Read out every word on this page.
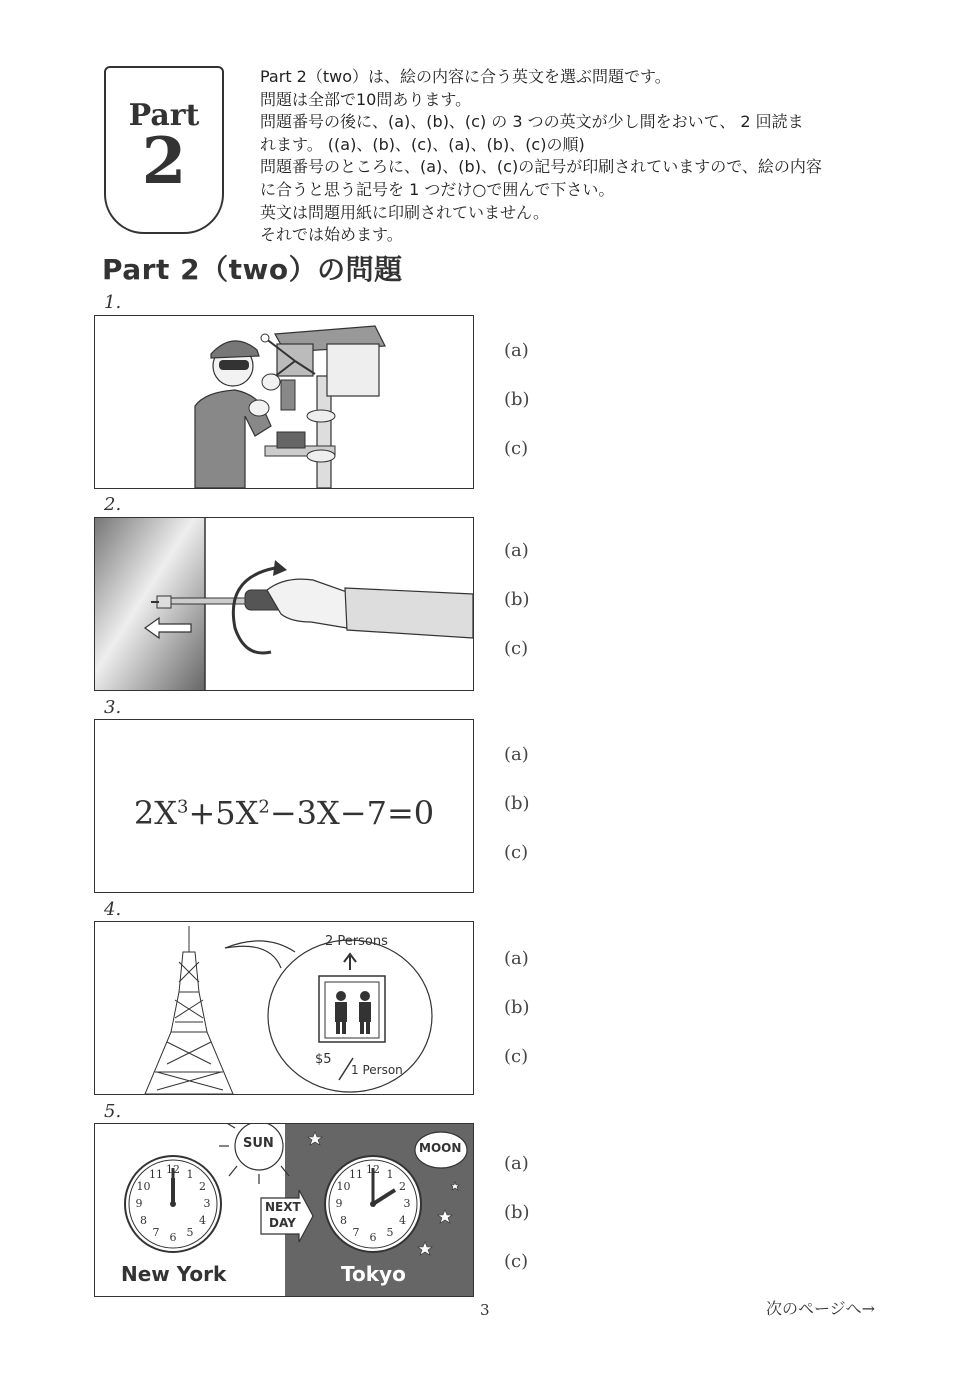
Part
2
Part 2（two）は、絵の内容に合う英文を選ぶ問題です。
問題は全部で10問あります。
問題番号の後に、(a)、(b)、(c) の 3 つの英文が少し間をおいて、 2 回読ま
れます。 ((a)、(b)、(c)、(a)、(b)、(c)の順)
問題番号のところに、(a)、(b)、(c)の記号が印刷されていますので、絵の内容
に合うと思う記号を 1 つだけ○で囲んで下さい。
英文は問題用紙に印刷されていません。
それでは始めます。
Part 2（two）の問題
1.
(a)
(b)
(c)
2.
(a)
(b)
(c)
3.
$2X^3+5X^2-3X-7=0$
(a)
(b)
(c)
4.
2 Persons
$5
1 Person
(a)
(b)
(c)
5.
12 1
2
3
4
5
6
7
8
9
10
11	12 1
2
3
4
5
6
7
8
9
10
11
SUN	MOON
NEXT
DAY
New York	Tokyo
(a)
(b)
(c)
3	次のページへ→
